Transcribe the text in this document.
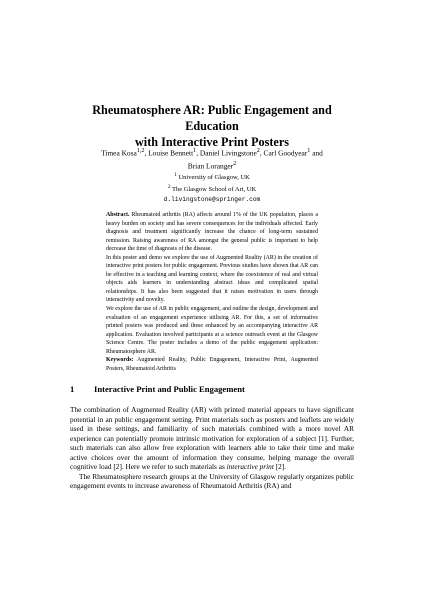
Rheumatosphere AR: Public Engagement and Education
with Interactive Print Posters
Timea Kosa$^{1,2}$, Louise Bennett$^1$, Daniel Livingstone$^2$, Carl Goodyear$^1$ and Brian Loranger$^2$
$^1$ University of Glasgow, UK
$^2$ The Glasgow School of Art, UK
d.livingstone@springer.com

Abstract. Rheumatoid arthritis (RA) affects around 1% of the UK population, places a heavy burden on society and has severe consequences for the individuals affected. Early diagnosis and treatment significantly increase the chance of long-term sustained remission. Raising awareness of RA amongst the general public is important to help decrease the time of diagnosis of the disease.

In this poster and demo we explore the use of Augmented Reality (AR) in the creation of interactive print posters for public engagement. Previous studies have shown that AR can be effective in a teaching and learning context, where the coexistence of real and virtual objects aids learners in understanding abstract ideas and complicated spatial relationships. It has also been suggested that it raises motivation in users through interactivity and novelty.

We explore the use of AR in public engagement, and outline the design, development and evaluation of an engagement experience utilising AR. For this, a set of informative printed posters was produced and these enhanced by an accompanying interactive AR application. Evaluation involved participants at a science outreach event at the Glasgow Science Centre. The poster includes a demo of the public engagement application: Rheumatosphere AR.

Keywords: Augmented Reality, Public Engagement, Interactive Print, Augmented Posters, Rheumatoid Arthritis
1 Interactive Print and Public Engagement

The combination of Augmented Reality (AR) with printed material appears to have significant potential in an public engagement setting. Print materials such as posters and leaflets are widely used in these settings, and familiarity of such materials combined with a more novel AR experience can potentially promote intrinsic motivation for exploration of a subject [1]. Further, such materials can also allow free exploration with learners able to take their time and make active choices over the amount of information they consume, helping manage the overall cognitive load [2]. Here we refer to such materials as interactive print [2].

The Rheumatosphere research groups at the University of Glasgow regularly organizes public engagement events to increase awareness of Rheumatoid Arthritis (RA) and
